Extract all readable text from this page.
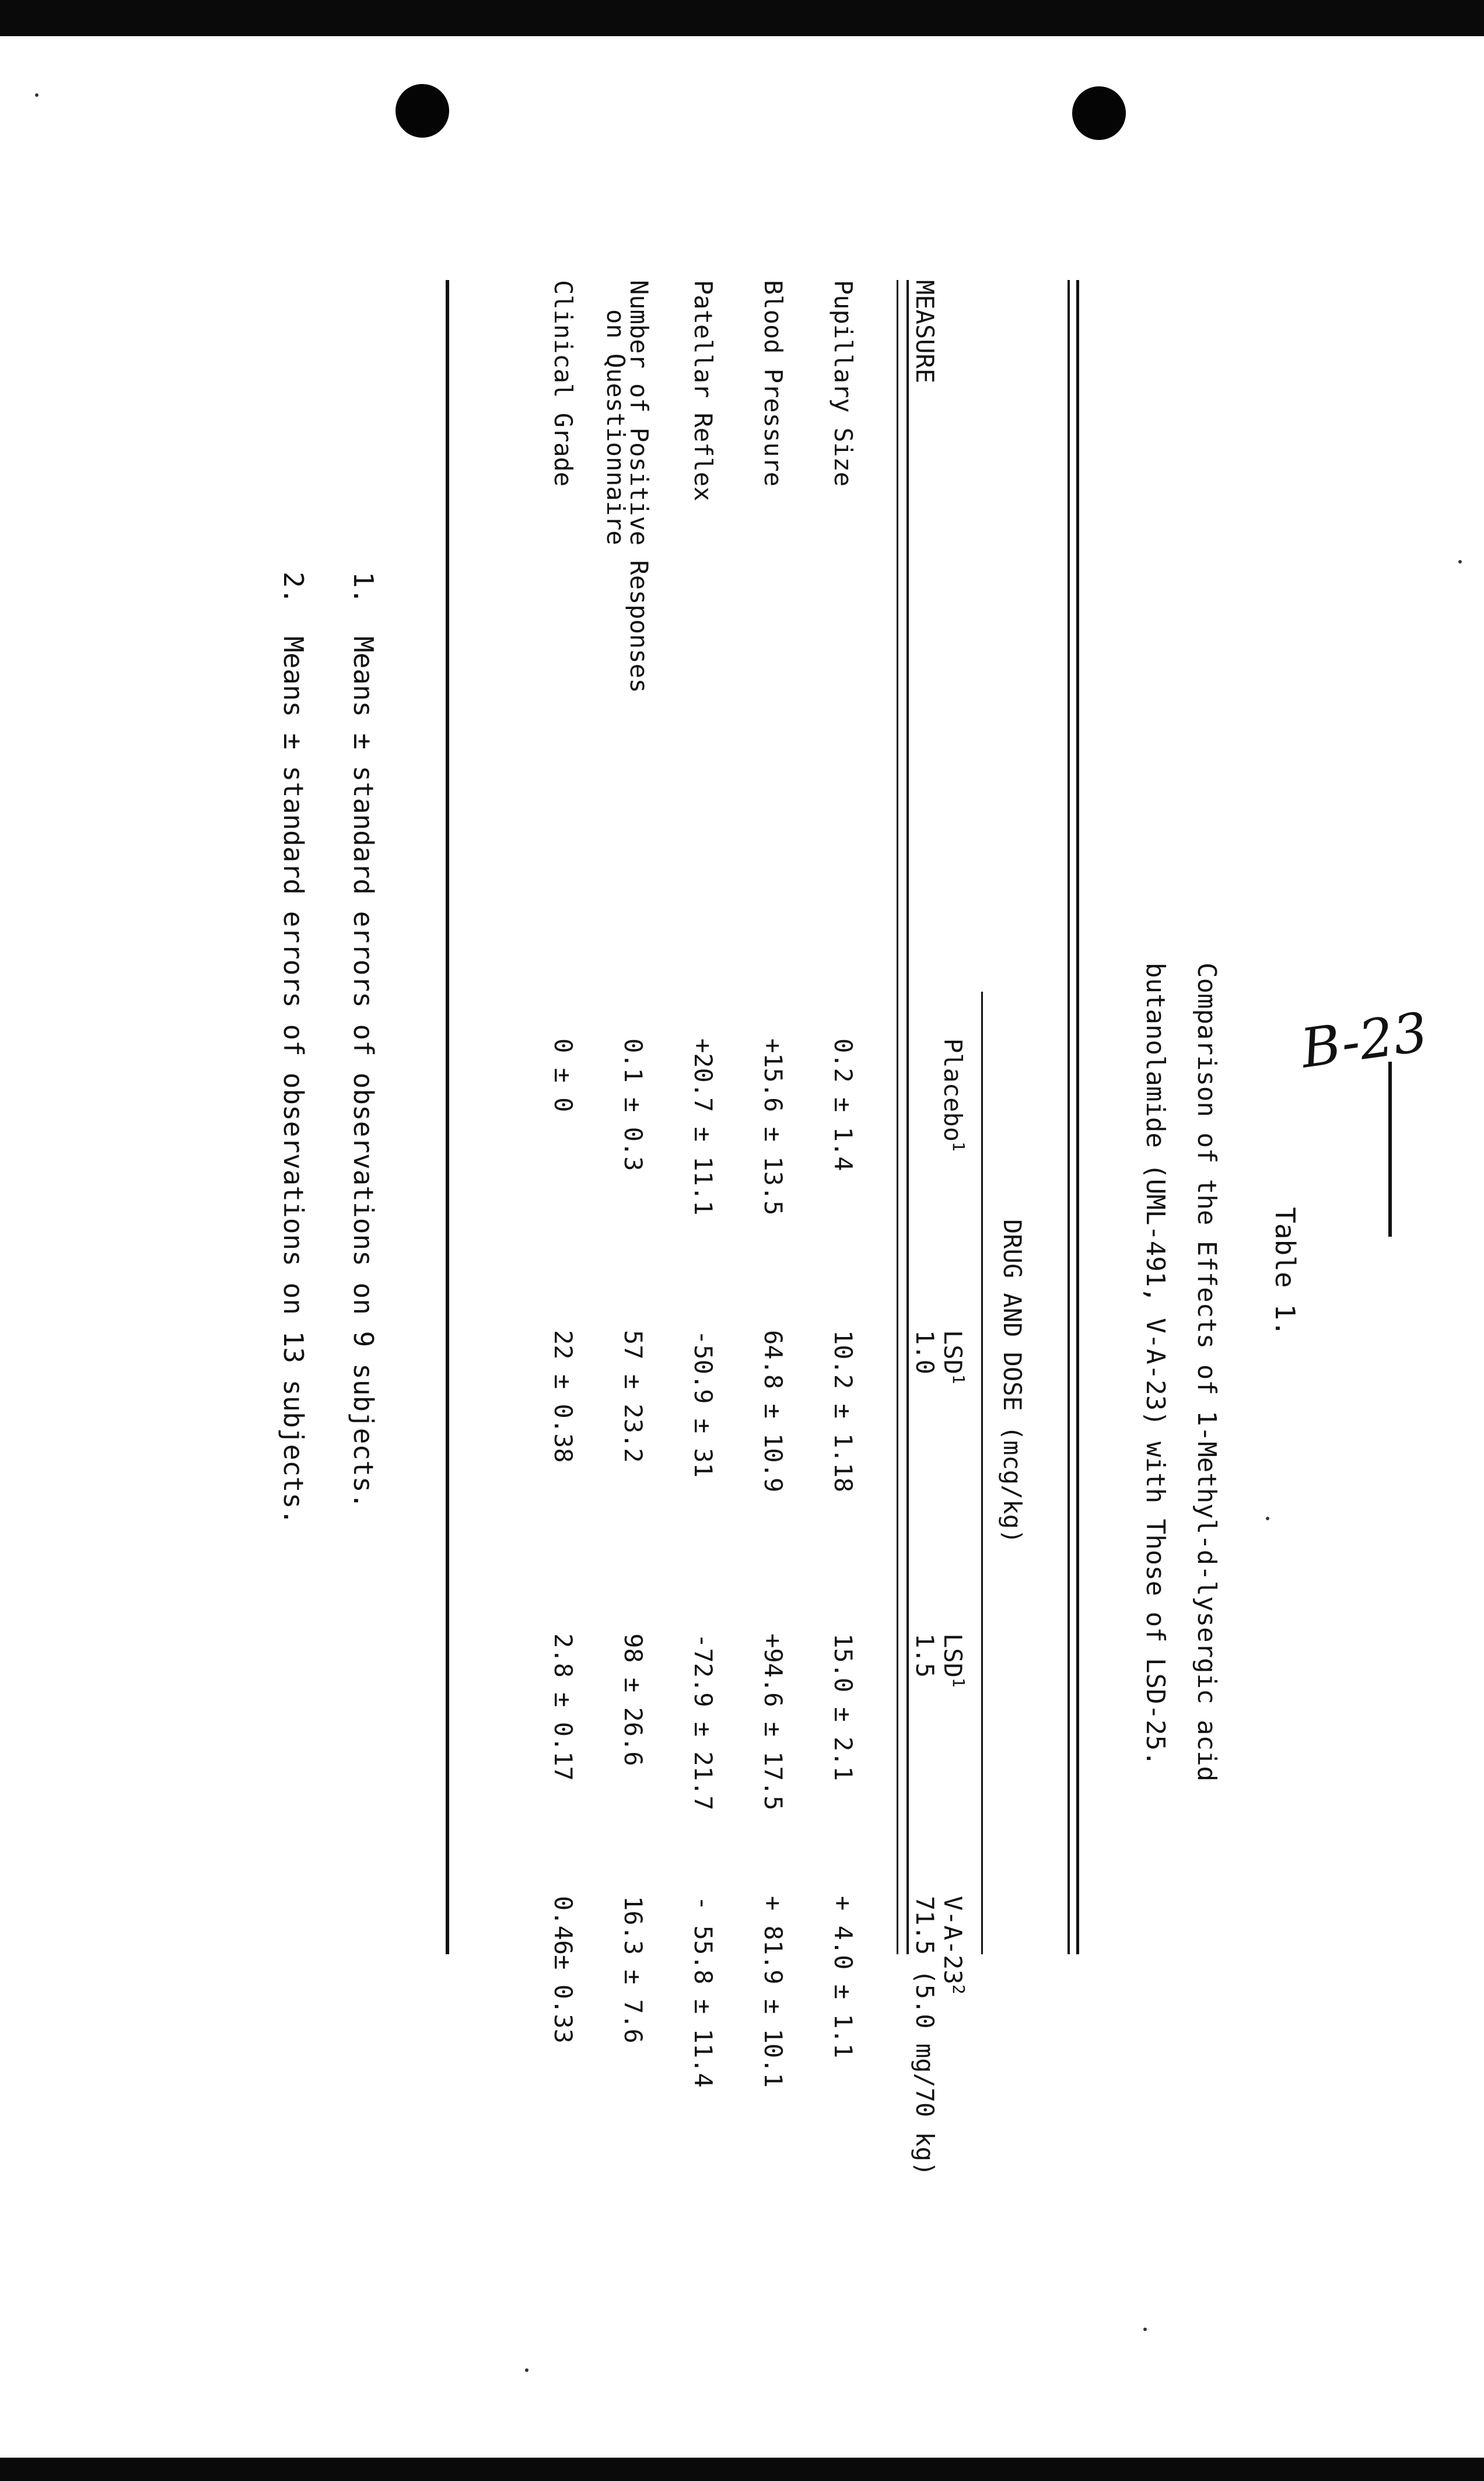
Table 1.
Comparison of the Effects of 1-Methyl-d-lysergic acid
butanolamide (UML-491, V-A-23) with Those of LSD-25.
DRUG AND DOSE (mcg/kg)
MEASURE
Placebo$^1$
LSD$^1$
1.0
LSD$^1$
1.5
$V-A-23^2$
71.5 (5.0 mg/70 kg)
Pupillary Size
0.2 ± 1.4
10.2 ± 1.18
15.0 ± 2.1
+ 4.0 ± 1.1
Blood Pressure
+15.6 ± 13.5
64.8 ± 10.9
+94.6 ± 17.5
+ 81.9 ± 10.1
Patellar Reflex
+20.7 ± 11.1
-50.9 ± 31
-72.9 ± 21.7
- 55.8 ± 11.4
Number of Positive Responses
on Questionnaire
0.1 ± 0.3
57 ± 23.2
98 ± 26.6
16.3 ± 7.6
Clinical Grade
0 ± 0
22 ± 0.38
2.8 ± 0.17
0.46± 0.33
1.  Means ± standard errors of observations on 9 subjects.
2.  Means ± standard errors of observations on 13 subjects.	B-23
